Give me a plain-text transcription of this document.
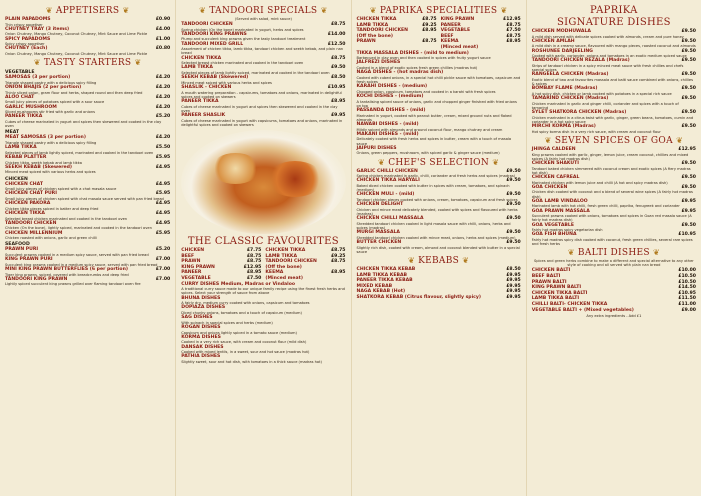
❦ APPETISERS ❦
PLAIN PAPADOMS	£0.90
Thin crispy appetiser
CHUTNEY TRAY (3 items)	£4.00
Onion Chutney, Mango Chutney, Coconut Chutney, Mint Sauce and Lime Pickle
SPICY PAPADOMS	£1.00
Spicy crispy appetiser
CHUTNEY (Each)	£0.80
Onion Chutney, Mango Chutney, Coconut Chutney, Mint Sauce and Lime Pickle
❦ TASTY STARTERS ❦
VEGETABLE
SAMOSAS (3 per portion)	£4.20
Triangle shaped pastry with a delicious spicy filling
ONION BHAJIS (2 per portion)	£4.20
Thinly sliced onion, gram flour and herbs, shaped round and then deep fried
ALOO CHAT	£4.20
Small juicy pieces of potatoes spiced with a sour sauce
GARLIC MUSHROOM	£4.20
Sliced mushrooms stir fried with garlic and onions
PANEER TIKKA	£5.20
Cubes of cheese marinated in yogurt and spices then skewered and cooked in the clay oven
MEAT
MEAT SAMOSAS (3 per portion)	£4.20
Triangle shaped pastry with a delicious spicy filling
LAMB TIKKA	£5.50
Selected pieces of lamb lightly spiced, marinated and cooked in the tandoori oven
KEBAB PLATTER	£5.95
Chicken tikka, seekh kebab and lamb tikka
SEEKH KEBAB (Skewered)	£4.95
Minced meat spiced with various herbs and spices
CHICKEN
CHICKEN CHAT	£4.95
Small juicy pieces of chicken spiced with a chat masala sauce
CHICKEN CHAT PURI	£5.95
Small juicy pieces of chicken spiced with chat masala sauce served with pan fried bread
CHICKEN PAKORA	£4.95
Chicken tikka pieces spiced in batter and deep fried
CHICKEN TIKKA	£4.95
Selected breast chicken marinated and cooked in the tandoori oven
TANDOORI CHICKEN	£4.95
Chicken (On the bone), lightly spiced, marinated and cooked in the tandoori oven
CHICKEN MILLENNIUM	£5.95
Chicken roasted with onions, garlic and green chilli
SEAFOOD
PRAWN PURI	£5.20
Succulent prawns cooked in a medium spicy sauce, served with pan fried bread
KING PRAWN PURI	£7.00
Succulent king prawns cooked in a medium spicy sauce, served with pan fried bread
MINI KING PRAWN BUTTERFLIES (6 per portion)	£7.00
Tiger king prawns, spiced, covered with breadcrumbs and deep fried
TANDOORI KING PRAWN	£7.00
Lightly spiced succulent king prawns grilled over flaming tandoori oven fire
❦ TANDOORI SPECIALS ❦
(Served with salad, mint sauce)
TANDOORI CHICKEN	£8.75
Spring chicken (On the bone) marinated in yogurt, herbs and spices
TANDOORI KING PRAWNS	£14.00
Plump and succulent king prawns given the tasty tandoori treatment
TANDOORI MIXED GRILL	£12.50
Assortment of chicken tikka, lamb tikka, tandoori chicken and seekh kebab, and plain nan bread
CHICKEN TIKKA	£8.75
Selected breast chicken marinated and cooked in the tandoori oven
LAMB TIKKA	£9.50
Selected pieces of lamb lightly spiced, marinated and cooked in the tandoori oven
SEEKH KEBAB (Skewered)	£8.50
Minced meat spiced with various herbs and spices
SHASLIK - CHICKEN	£10.95
A mouth watering preparation - capsicums, tomatoes and onions, marinated in delightful spices and cooked on skewers
PANEER TIKKA	£8.95
Cubes of cheese marinated in yogurt and spices then skewered and cooked in the clay oven
PANEER SHASLIK	£9.95
Cubes of cheese marinated in yogurt with capsicums, tomatoes and onions, marinated in delightful spices and cooked on skewers
THE CLASSIC FAVOURITES
CHICKEN	£7.75 CHICKEN TIKKA	£8.75
BEEF	£8.75 LAMB TIKKA	£9.25
PRAWN	£8.75 TANDOORI CHICKEN	£8.75
KING PRAWN	£12.95 (Off the bone)
PANEER	£8.95 KEEMA	£8.95
VEGETABLE	£7.50 (Minced meat)
CURRY DISHES Medium, Madras or Vindaloo
A traditional curry sauce made to our unique family recipe using the finest fresh herbs and spices. Select your strength of sauce from above
BHUNA DISHES
A fairly dry, medium curry cooked with onions, capsicum and tomatoes
DOPIAZA DISHES
Diced chunky onions, tomatoes and a touch of capsicum (medium)
SAG DISHES
With spinach in special spices and herbs (medium)
ROGAN DISHES
Capsicum and onions lightly spiced in a tomato sauce (medium)
KORMA DISHES
Cooked in a very rich sauce, with cream and coconut flour (mild dish)
DANSAK DISHES
Cooked with mixed lentils, in a sweet, sour and hot sauce (madras hot)
PATHIA DISHES
Slightly sweet, sour and hot dish, with tomatoes in a thick sauce (madras hot)
❦ PAPRIKA SPECIALITIES ❦
CHICKEN TIKKA	£8.75 KING PRAWN	£12.95
LAMB TIKKA	£9.25 PANEER	£8.75
TANDOORI CHICKEN	£8.95 VEGETABLE	£7.50
(Off the bone)	BEEF	£8.75
PRAWN	£8.75 KEEMA	£8.95
(Minced meat)
TIKKA MASSALA DISHES - (mild to medium)
Barbecued in clay oven and then cooked in spices with fruity yogurt sauce
JALFREZI DISHES
Cooked in a blend of exotic spices fresh green chillies (madras hot)
NAGA DISHES - (hot madras dish)
Cooked with cubed onions, in a special hot chilli pickle sauce with tomatoes, capsicum and fresh spices
KARAHI DISHES - (medium)
Chopped onion, capsicum, tomatoes and cooked in a karahi with fresh spices
KOCHI DISHES - (medium)
A tantalising spiced sauce of onions, garlic and chopped ginger finished with fried onions on top
PASSANDA DISHES - (mild)
Marinated in yogurt, cooked with peanut butter, cream, mixed ground nuts and flaked almonds
NAWABI DISHES - (mild)
Mildly spiced with almonds and ground coconut flour, mango chutney and cream
MAKANI DISHES - (mild)
Delicately cooked with fresh herbs and spices in butter, cream with a touch of masala sauce
JAIPURI DISHES
Onions, green peppers, mushroom, with spiced garlic & ginger sauce (medium)
❦ CHEF'S SELECTION ❦
GARLIC CHILLI CHICKEN	£9.50
Spring chicken marinated in garlic, chilli, coriander and fresh herbs and spices (madras)
CHICKEN TIKKA HARYALI	£9.50
Baked diced chicken cooked with butter in spices with cream, tomatoes, and spinach (medium)
CHICKEN MULI - (mild)	£9.50
Tandoori chicken pieces cooked with onions, cream, tomatoes, capsicum and fresh spices
CHICKEN DELIGHT	£9.50
Chicken and mince meat delicately blended, cooked with spices and flavoured with herbs (madras)
CHICKEN CHILLI MASSALA	£9.50
Shredded tandoori chicken cooked in light masala sauce with chilli, onions, herbs and spices (madras)
MURGI MASSALA	£9.50
Shredded tandoori chicken cooked with mince meat, onions, herbs and spices (medium)
BUTTER CHICKEN	£9.50
Slightly rich dish, cooked with cream, almond and coconut blended with butter in a special sauce
❦ KEBABS ❦
CHICKEN TIKKA KEBAB	£8.50
LAMB TIKKA KEBAB	£9.95
PANEER TIKKA KEBAB	£9.95
MIXED KEBAB	£9.95
NAGA KEBAB (Hot)	£9.95
SHATKORA KEBAB (Citrus flavour, slightly spicy)	£9.95
PAPRIKA
SIGNATURE DISHES
CHICKEN MODHUWALA	£9.50
A mild dish served with delicate spices cooked with almonds, cream and pure honey
CHICKEN AMLAH	£9.50
A mild dish in a creamy sauce, flavoured with mango pieces, roasted coconut and almonds
ROSHUNEE DARJEELING	£9.50
Cooked with garlic, coriander, onions and tomatoes in an exotic medium spiced sauce
TANDOORI CHICKEN REZALA (Madras)	£9.50
Strips of tandoori chicken in a spicy minced meat sauce with fresh chillies and chefs special spices
RANGEELA CHICKEN (Madras)	£9.50
Exotic blend of two and favourites massala and balti sauce combined with onions, chillies & spices
BOMBAY FLAME (Madras)	£9.50
A hot spicy dish, chicken or lamb cooked with potatoes in a special rich sauce
TAMARIND CHICKEN (Madras)	£9.50
Chicken marinated in garlic and ginger chilli, coriander and spices with a touch of tamarind
SYLET SHATKORA CHICKEN (Madras)	£9.50
Chicken marinated in a citrus twist with garlic, ginger, green beans, tomatoes, cumin and coriander in a hot spicy sauce
MIRCHI KORMA (Madras)	£9.50
Hot spicy korma dish in a very rich sauce, with cream and coconut flour
❦ SEVEN SPICES OF GOA ❦
JHINGA CALDEEN	£12.95
King prawns cooked with garlic, ginger, lemon juice, cream coconut, chillies and mixed spices (A fairly hot madras dish)
CHICKEN SHAKUTI	£9.50
Tandoori baked chicken simmered with coconut cream and exotic spices (A fiery madras hot dish)
CHICKEN CAFREAL	£9.50
Marinated chicken with lemon juice and chilli (A hot and spicy madras dish)
GOA CHICKEN	£9.50
Chicken dish cooked with coconut and a blend of several wine spices (A fairly hot madras dish)
GOA LAMB VINDALOO	£9.95
Marinated lamb with hot chilli, fresh green chilli, paprika, fenugreek and coriander
GOA PRAWN MASSALA	£9.95
Succulent prawns cooked with onions, tomatoes and spices in Goan red masala sauce (A fairly hot madras dish)
GOA VEGETABLE	£9.50
Fairly hot madras spicy vegetarian dish
GOA FISH BHUNA	£10.95
Fairly hot madras spicy dish cooked with coconut, fresh green chillies, several rare spices and fresh herbs
❦ BALTI DISHES ❦
Spices and green herbs combine to make a different and special alternative to any other style of cooking and all served with plain nan bread
CHICKEN BALTI	£10.00
BEEF BALTI	£10.50
PRAWN BALTI	£10.50
KING PRAWN BALTI	£14.50
CHICKEN TIKKA BALTI	£10.95
LAMB TIKKA BALTI	£11.50
CHILLI BALTI- CHICKEN TIKKA	£11.00
VEGETABLE BALTI + (Mixed vegetables)	£9.00
Any extra ingredients - Add £1
